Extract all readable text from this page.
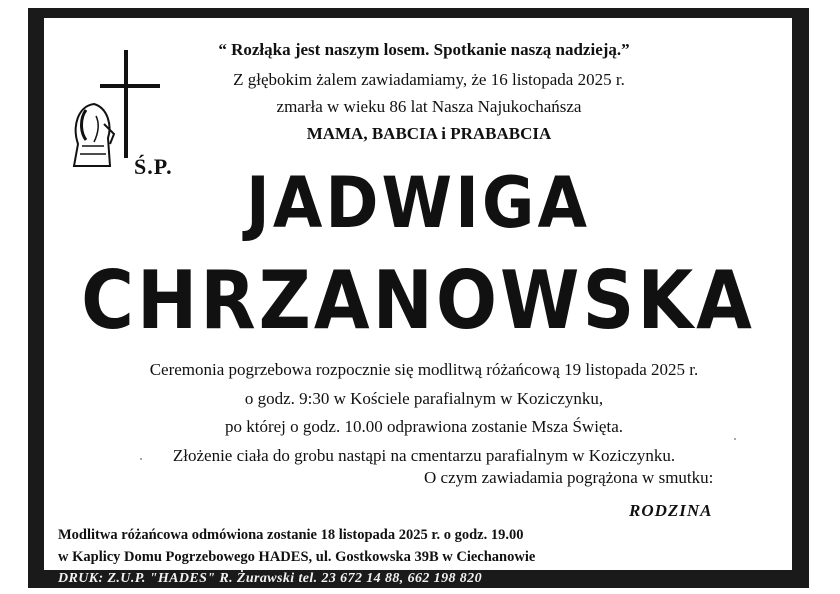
“ Rozłąka jest naszym losem. Spotkanie naszą nadzieją.”
Z głębokim żalem zawiadamiamy, że 16 listopada 2025 r.
zmarła w wieku 86 lat Nasza Najukochańsza
MAMA, BABCIA i PRABABCIA
Ś.P.	JADWIGA
CHRZANOWSKA
Ceremonia pogrzebowa rozpocznie się modlitwą różańcową 19 listopada 2025 r.
o godz. 9:30 w Kościele parafialnym w Koziczynku,
po której o godz. 10.00 odprawiona zostanie Msza Święta.
Złożenie ciała do grobu nastąpi na cmentarzu parafialnym w Koziczynku.
O czym zawiadamia pogrążona w smutku:
RODZINA
Modlitwa różańcowa odmówiona zostanie 18 listopada 2025 r. o godz. 19.00
w Kaplicy Domu Pogrzebowego HADES, ul. Gostkowska 39B w Ciechanowie
DRUK: Z.U.P. "HADES" R. Żurawski tel. 23 672 14 88, 662 198 820
